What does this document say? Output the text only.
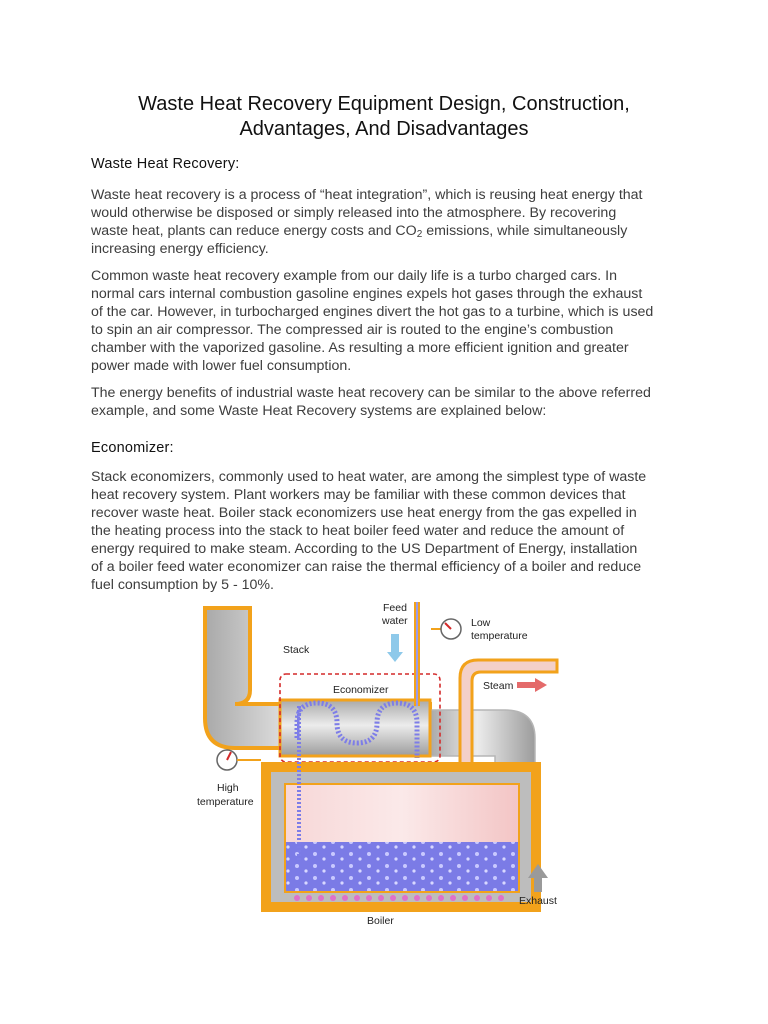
Waste Heat Recovery Equipment Design, Construction,
Advantages, And Disadvantages
Waste Heat Recovery:
Waste heat recovery is a process of “heat integration”, which is reusing heat energy that
would otherwise be disposed or simply released into the atmosphere. By recovering
waste heat, plants can reduce energy costs and $CO_2$ emissions, while simultaneously
increasing energy efficiency.
Common waste heat recovery example from our daily life is a turbo charged cars. In
normal cars internal combustion gasoline engines expels hot gases through the exhaust
of the car. However, in turbocharged engines divert the hot gas to a turbine, which is used
to spin an air compressor. The compressed air is routed to the engine’s combustion
chamber with the vaporized gasoline. As resulting a more efficient ignition and greater
power made with lower fuel consumption.
The energy benefits of industrial waste heat recovery can be similar to the above referred
example, and some Waste Heat Recovery systems are explained below:
Economizer:
Stack economizers, commonly used to heat water, are among the simplest type of waste
heat recovery system. Plant workers may be familiar with these common devices that
recover waste heat. Boiler stack economizers use heat energy from the gas expelled in
the heating process into the stack to heat boiler feed water and reduce the amount of
energy required to make steam. According to the US Department of Energy, installation
of a boiler feed water economizer can raise the thermal efficiency of a boiler and reduce
fuel consumption by 5 - 10%.
Feed
water	Low
temperature
Stack
Economizer	Steam
High
temperature
Exhaust
Boiler
